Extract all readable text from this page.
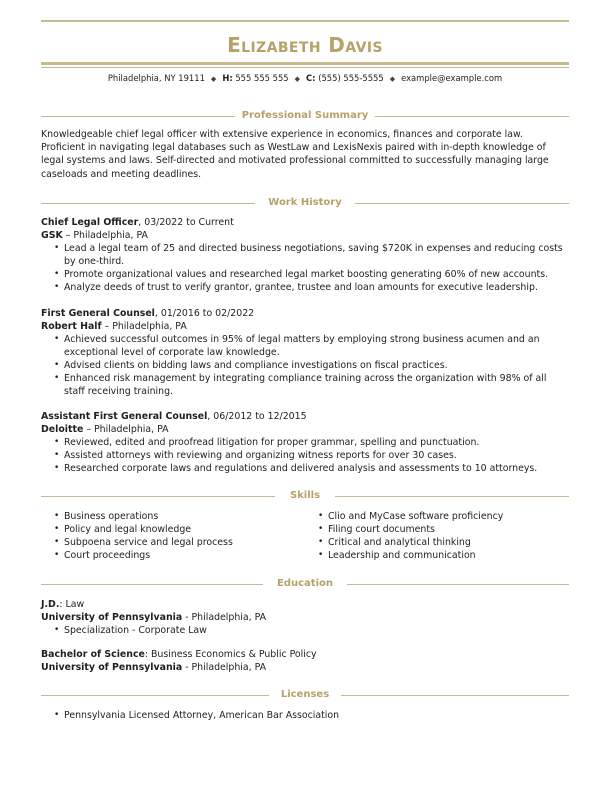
Elizabeth Davis
Philadelphia, NY 19111 ◆ H: 555 555 555 ◆ C: (555) 555-5555 ◆ example@example.com
Professional Summary
Knowledgeable chief legal officer with extensive experience in economics, finances and corporate law. Proficient in navigating legal databases such as WestLaw and LexisNexis paired with in-depth knowledge of legal systems and laws. Self-directed and motivated professional committed to successfully managing large caseloads and meeting deadlines.
Work History
Chief Legal Officer, 03/2022 to Current
GSK – Philadelphia, PA
• Lead a legal team of 25 and directed business negotiations, saving $720K in expenses and reducing costs by one-third.
• Promote organizational values and researched legal market boosting generating 60% of new accounts.
• Analyze deeds of trust to verify grantor, grantee, trustee and loan amounts for executive leadership.
First General Counsel, 01/2016 to 02/2022
Robert Half – Philadelphia, PA
• Achieved successful outcomes in 95% of legal matters by employing strong business acumen and an exceptional level of corporate law knowledge.
• Advised clients on bidding laws and compliance investigations on fiscal practices.
• Enhanced risk management by integrating compliance training across the organization with 98% of all staff receiving training.
Assistant First General Counsel, 06/2012 to 12/2015
Deloitte – Philadelphia, PA
• Reviewed, edited and proofread litigation for proper grammar, spelling and punctuation.
• Assisted attorneys with reviewing and organizing witness reports for over 30 cases.
• Researched corporate laws and regulations and delivered analysis and assessments to 10 attorneys.
Skills
• Business operations
• Policy and legal knowledge
• Subpoena service and legal process
• Court proceedings
• Clio and MyCase software proficiency
• Filing court documents
• Critical and analytical thinking
• Leadership and communication
Education
J.D.: Law
University of Pennsylvania - Philadelphia, PA
• Specialization - Corporate Law
Bachelor of Science: Business Economics & Public Policy
University of Pennsylvania - Philadelphia, PA
Licenses
• Pennsylvania Licensed Attorney, American Bar Association
